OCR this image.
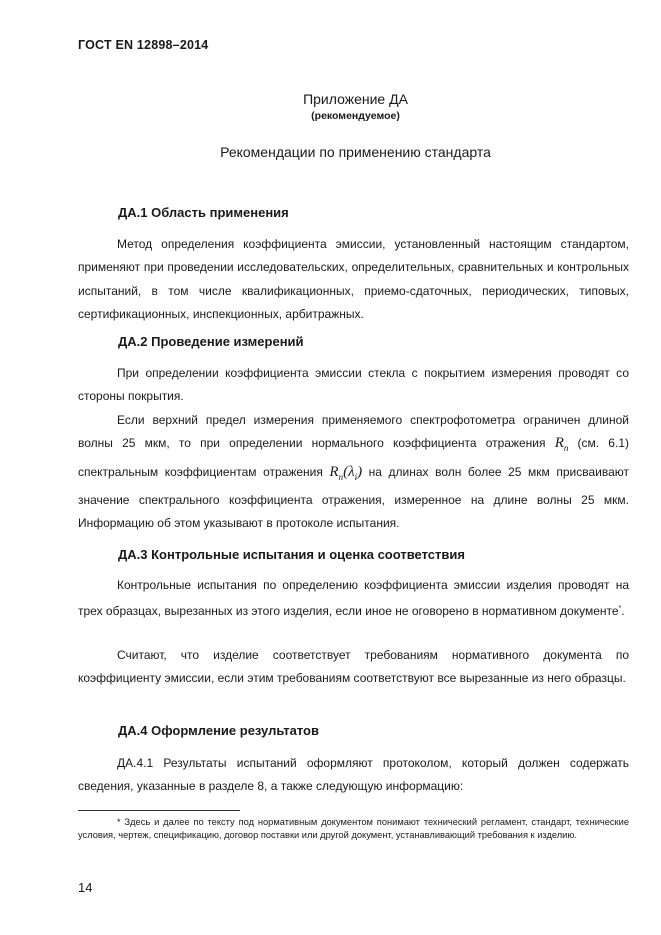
ГОСТ EN 12898–2014
Приложение ДА
(рекомендуемое)
Рекомендации по применению стандарта
ДА.1 Область применения
Метод определения коэффициента эмиссии, установленный настоящим стандартом, применяют при проведении исследовательских, определительных, сравнительных и контрольных испытаний, в том числе квалификационных, приемо-сдаточных, периодических, типовых, сертификационных, инспекционных, арбитражных.
ДА.2 Проведение измерений
При определении коэффициента эмиссии стекла с покрытием измерения проводят со стороны покрытия.
Если верхний предел измерения применяемого спектрофотометра ограничен длиной волны 25 мкм, то при определении нормального коэффициента отражения $R_n$ (см. 6.1) спектральным коэффициентам отражения $R_n(\lambda_i)$ на длинах волн более 25 мкм присваивают значение спектрального коэффициента отражения, измеренное на длине волны 25 мкм. Информацию об этом указывают в протоколе испытания.
ДА.3 Контрольные испытания и оценка соответствия
Контрольные испытания по определению коэффициента эмиссии изделия проводят на трех образцах, вырезанных из этого изделия, если иное не оговорено в нормативном документе*.
Считают, что изделие соответствует требованиям нормативного документа по коэффициенту эмиссии, если этим требованиям соответствуют все вырезанные из него образцы.
ДА.4 Оформление результатов
ДА.4.1 Результаты испытаний оформляют протоколом, который должен содержать сведения, указанные в разделе 8, а также следующую информацию:
* Здесь и далее по тексту под нормативным документом понимают технический регламент, стандарт, технические условия, чертеж, спецификацию, договор поставки или другой документ, устанавливающий требования к изделию.
14
